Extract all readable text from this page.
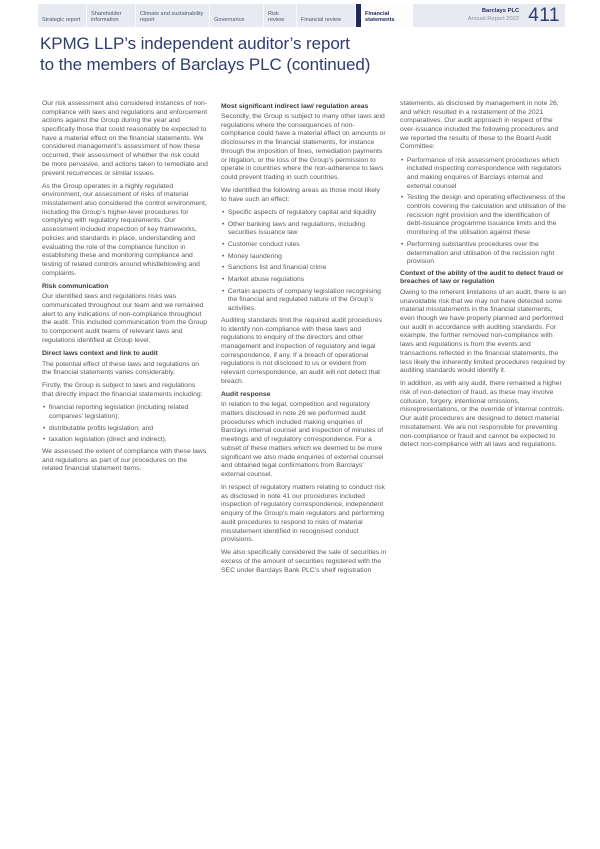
Strategic report
Shareholder information
Climate and sustainability report	Governance
Risk review	Financial review
Financial statements
Barclays PLC
Annual Report 2022 411
KPMG LLP’s independent auditor’s report
to the members of Barclays PLC (continued)

Our risk assessment also considered instances of non-compliance with laws and regulations and enforcement actions against the Group during the year and specifically those that could reasonably be expected to have a material effect on the financial statements. We considered management’s assessment of how these occurred, their assessment of whether the risk could be more pervasive, and actions taken to remediate and prevent recurrences or similar issues.

As the Group operates in a highly regulated environment, our assessment of risks of material misstatement also considered the control environment, including the Group’s higher-level procedures for complying with regulatory requirements. Our assessment included inspection of key frameworks, policies and standards in place, understanding and evaluating the role of the compliance function in establishing these and monitoring compliance and testing of related controls around whistleblowing and complaints.

Risk communication

Our identified laws and regulations risks was communicated throughout our team and we remained alert to any indications of non-compliance throughout the audit. This included communication from the Group to component audit teams of relevant laws and regulations identified at Group level.

Direct laws context and link to audit

The potential effect of these laws and regulations on the financial statements varies considerably.

Firstly, the Group is subject to laws and regulations that directly impact the financial statements including:

• financial reporting legislation (including related companies’ legislation);
• distributable profits legislation; and
• taxation legislation (direct and indirect).

We assessed the extent of compliance with these laws and regulations as part of our procedures on the related financial statement items.

Most significant indirect law/ regulation areas

Secondly, the Group is subject to many other laws and regulations where the consequences of non-compliance could have a material effect on amounts or disclosures in the financial statements, for instance through the imposition of fines, remediation payments or litigation, or the loss of the Group’s permission to operate in countries where the non-adherence to laws could prevent trading in such countries.

We identified the following areas as those most likely to have such an effect:

• Specific aspects of regulatory capital and liquidity
• Other banking laws and regulations, including securities issuance law
• Customer conduct rules
• Money laundering
• Sanctions list and financial crime
• Market abuse regulations
• Certain aspects of company legislation recognising the financial and regulated nature of the Group’s activities.

Auditing standards limit the required audit procedures to identify non-compliance with these laws and regulations to enquiry of the directors and other management and inspection of regulatory and legal correspondence, if any. If a breach of operational regulations is not disclosed to us or evident from relevant correspondence, an audit will not detect that breach.

Audit response

In relation to the legal, competition and regulatory matters disclosed in note 26 we performed audit procedures which included making enquiries of Barclays internal counsel and inspection of minutes of meetings and of regulatory correspondence. For a subset of these matters which we deemed to be more significant we also made enquiries of external counsel and obtained legal confirmations from Barclays’ external counsel.

In respect of regulatory matters relating to conduct risk as disclosed in note 41 our procedures included inspection of regulatory correspondence, independent enquiry of the Group’s main regulators and performing audit procedures to respond to risks of material misstatement identified in recognised conduct provisions.

We also specifically considered the sale of securities in excess of the amount of securities registered with the SEC under Barclays Bank PLC’s shelf registration

statements, as disclosed by management in note 26, and which resulted in a restatement of the 2021 comparatives. Our audit approach in respect of the over-issuance included the following procedures and we reported the results of these to the Board Audit Committee:

• Performance of risk assessment procedures which included inspecting correspondence with regulators and making enquires of Barclays internal and external counsel
• Testing the design and operating effectiveness of the controls covering the calculation and utilisation of the recission right provision and the identification of debt-issuance programme issuance limits and the monitoring of the utilisation against these
• Performing substantive procedures over the determination and utilisation of the recission right provision
Context of the ability of the audit to detect fraud or breaches of law or regulation

Owing to the inherent limitations of an audit, there is an unavoidable risk that we may not have detected some material misstatements in the financial statements, even though we have properly planned and performed our audit in accordance with auditing standards. For example, the further removed non-compliance with laws and regulations is from the events and transactions reflected in the financial statements, the less likely the inherently limited procedures required by auditing standards would identify it.

In addition, as with any audit, there remained a higher risk of non-detection of fraud, as these may involve collusion, forgery, intentional omissions, misrepresentations, or the override of internal controls. Our audit procedures are designed to detect material misstatement. We are not responsible for preventing non-compliance or fraud and cannot be expected to detect non-compliance with all laws and regulations.
